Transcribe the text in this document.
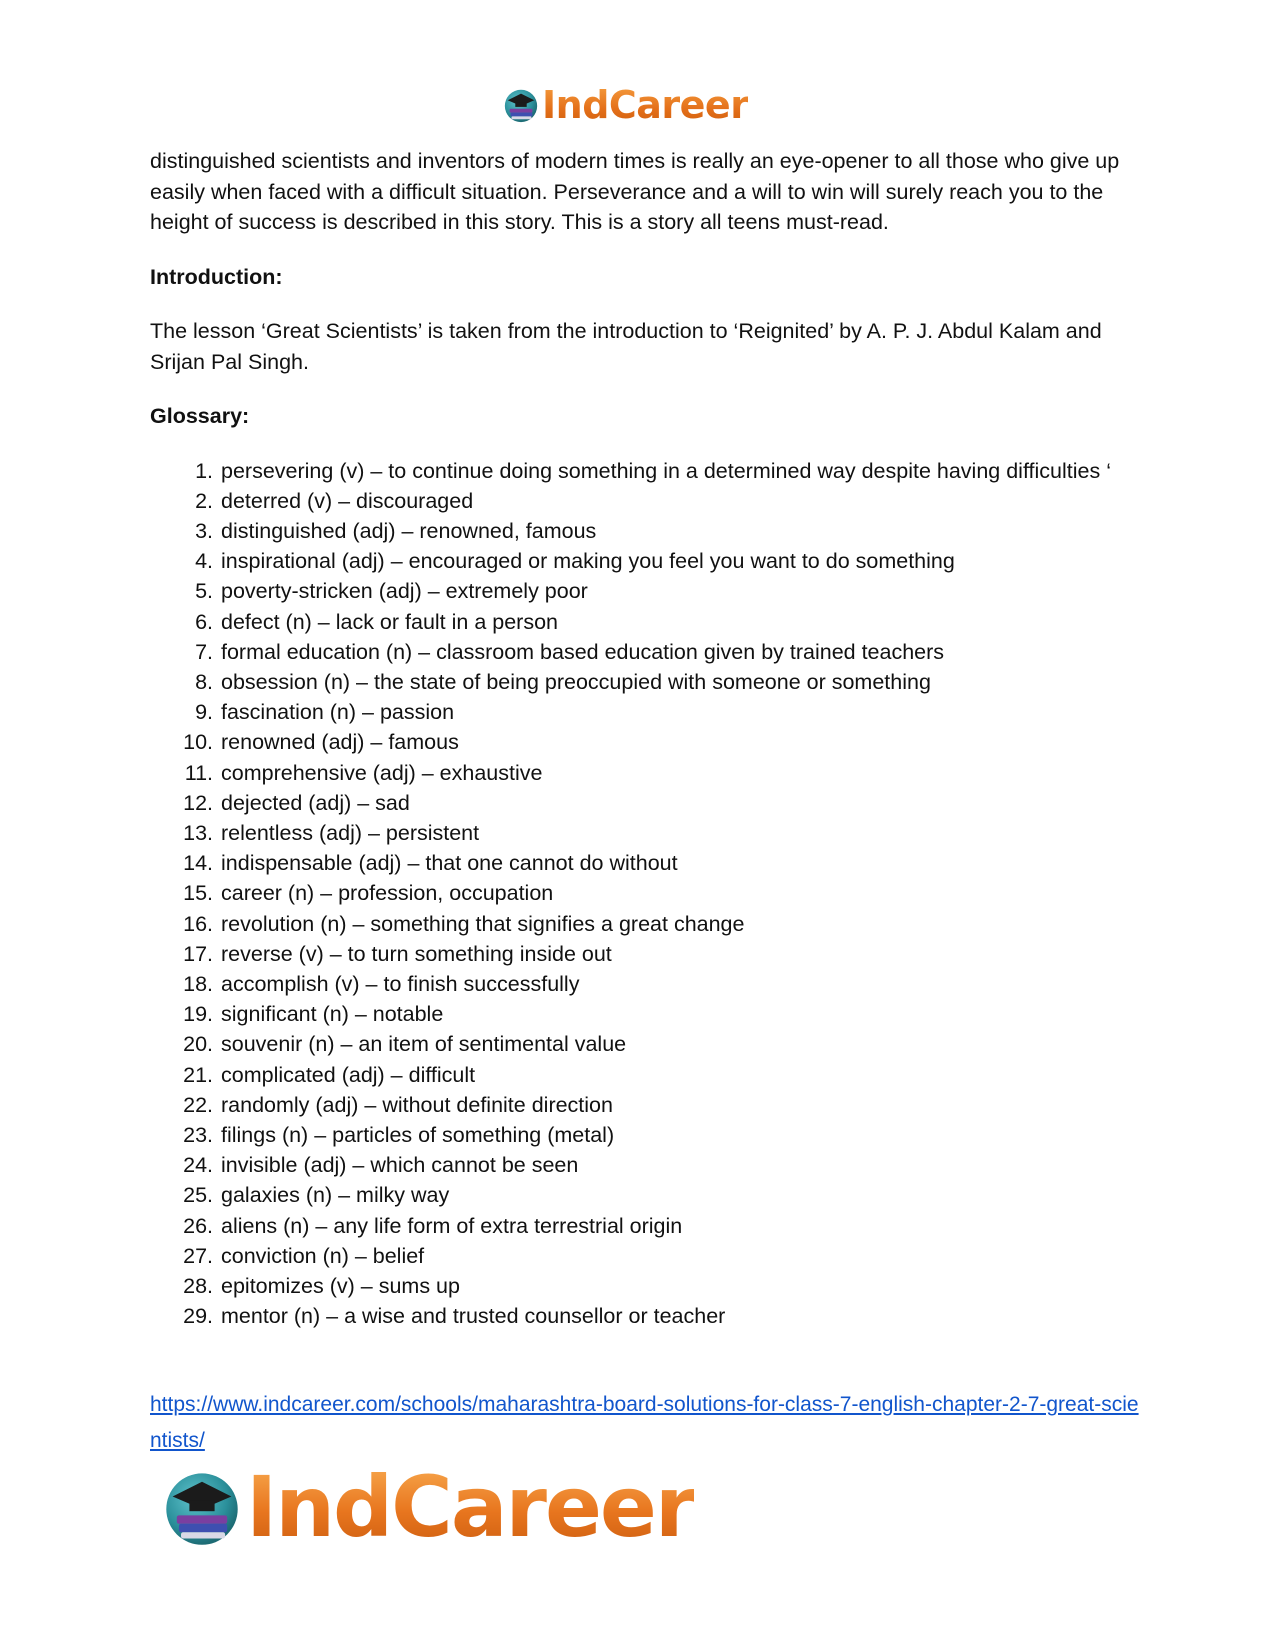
IndCareer

distinguished scientists and inventors of modern times is really an eye-opener to all those who give up easily when faced with a difficult situation. Perseverance and a will to win will surely reach you to the height of success is described in this story. This is a story all teens must-read.

Introduction:

The lesson ‘Great Scientists’ is taken from the introduction to ‘Reignited’ by A. P. J. Abdul Kalam and Srijan Pal Singh.

Glossary:

1. persevering (v) – to continue doing something in a determined way despite having difficulties ‘
2. deterred (v) – discouraged
3. distinguished (adj) – renowned, famous
4. inspirational (adj) – encouraged or making you feel you want to do something
5. poverty-stricken (adj) – extremely poor
6. defect (n) – lack or fault in a person
7. formal education (n) – classroom based education given by trained teachers
8. obsession (n) – the state of being preoccupied with someone or something
9. fascination (n) – passion
10. renowned (adj) – famous
11. comprehensive (adj) – exhaustive
12. dejected (adj) – sad
13. relentless (adj) – persistent
14. indispensable (adj) – that one cannot do without
15. career (n) – profession, occupation
16. revolution (n) – something that signifies a great change
17. reverse (v) – to turn something inside out
18. accomplish (v) – to finish successfully
19. significant (n) – notable
20. souvenir (n) – an item of sentimental value
21. complicated (adj) – difficult
22. randomly (adj) – without definite direction
23. filings (n) – particles of something (metal)
24. invisible (adj) – which cannot be seen
25. galaxies (n) – milky way
26. aliens (n) – any life form of extra terrestrial origin
27. conviction (n) – belief
28. epitomizes (v) – sums up
29. mentor (n) – a wise and trusted counsellor or teacher
https://www.indcareer.com/schools/maharashtra-board-solutions-for-class-7-english-chapter-2-7-great-scientists/
IndCareer
